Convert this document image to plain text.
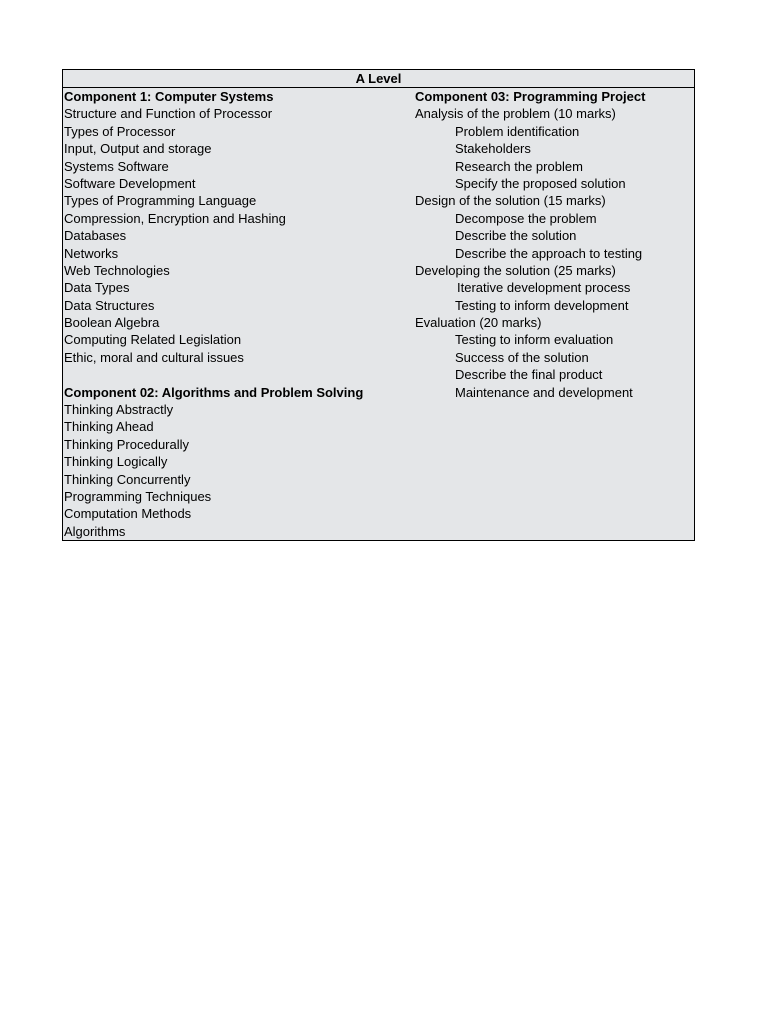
A Level
Component 1: Computer Systems
Structure and Function of Processor
Types of Processor
Input, Output and storage
Systems Software
Software Development
Types of Programming Language
Compression, Encryption and Hashing
Databases
Networks
Web Technologies
Data Types
Data Structures
Boolean Algebra
Computing Related Legislation
Ethic, moral and cultural issues
Component 02: Algorithms and Problem Solving
Thinking Abstractly
Thinking Ahead
Thinking Procedurally
Thinking Logically
Thinking Concurrently
Programming Techniques
Computation Methods
Algorithms
Component 03: Programming Project
Analysis of the problem (10 marks)
Problem identification
Stakeholders
Research the problem
Specify the proposed solution
Design of the solution (15 marks)
Decompose the problem
Describe the solution
Describe the approach to testing
Developing the solution (25 marks)
Iterative development process
Testing to inform development
Evaluation (20 marks)
Testing to inform evaluation
Success of the solution
Describe the final product
Maintenance and development
